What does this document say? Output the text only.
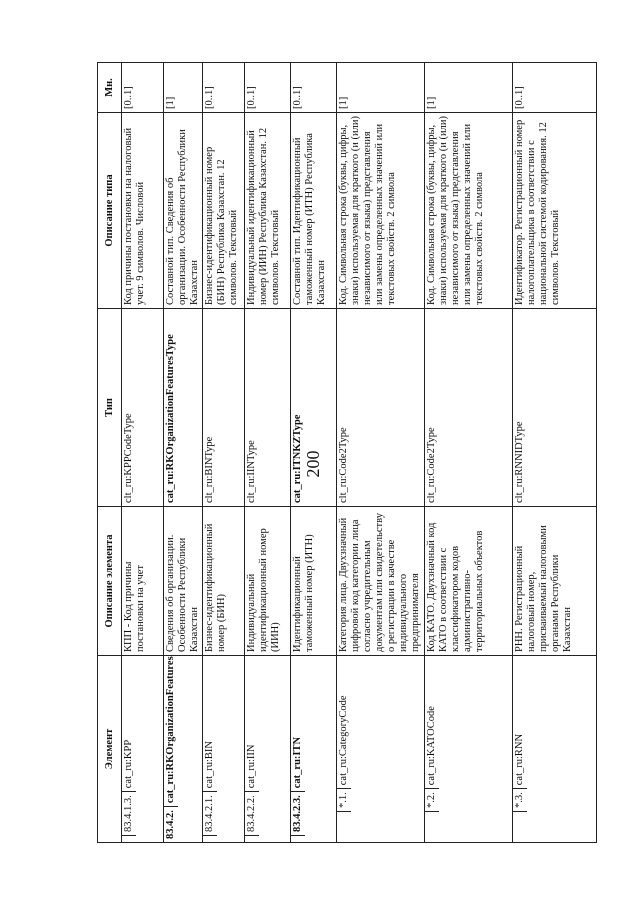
200
Элемент	Описание элемента	Тип	Описание типа	Мн.

83.4.1.3.
cat_ru:KPP	КПП - Код причины постановки на учет	clt_ru:KPPCodeType	Код причины постановки на налоговый учет. 9 символов. Числовой	[0..1]

83.4.2.
cat_ru:RKOrganizationFeatures	Сведения об организации. Особенности Республики Казахстан	cat_ru:RKOrganizationFeaturesType	Составной тип. Сведения об организации. Особенности Республики Казахстан	[1]

83.4.2.1.
cat_ru:BIN	Бизнес-идентификационный номер (БИН)	clt_ru:BINType	Бизнес-идентификационный номер (БИН) Республика Казахстан. 12 символов. Текстовый	[0..1]

83.4.2.2.
cat_ru:IIN	Индивидуальный идентификационный номер (ИИН)	clt_ru:IINType	Индивидуальный идентификационный номер (ИИН) Республика Казахстан. 12 символов. Текстовый	[0..1]

83.4.2.3.
cat_ru:ITN	Идентификационный таможенный номер (ИТН)	cat_ru:ITNKZType	Составной тип. Идентификационный таможенный номер (ИТН) Республика Казахстан	[0..1]

*.1.
cat_ru:CategoryCode	Категория лица. Двухзначный цифровой код категории лица согласно учредительным документам или свидетельству о регистрации в качестве индивидуального предпринимателя	clt_ru:Code2Type	Код. Символьная строка (буквы, цифры, знаки) используемая для краткого (и (или) независимого от языка) представления или замены определенных значений или текстовых свойств. 2 символа	[1]

*.2.
cat_ru:KATOCode	Код КАТО. Двухзначный код КАТО в соответствии с классификатором кодов административно-территориальных объектов	clt_ru:Code2Type	Код. Символьная строка (буквы, цифры, знаки) используемая для краткого (и (или) независимого от языка) представления или замены определенных значений или текстовых свойств. 2 символа	[1]

*.3.
cat_ru:RNN	РНН. Регистрационный налоговый номер, присваиваемый налоговыми органами Республики Казахстан	clt_ru:RNNIDType	Идентификатор. Регистрационный номер налогоплательщика в соответствии с национальной системой кодирования. 12 символов. Текстовый	[0..1]
